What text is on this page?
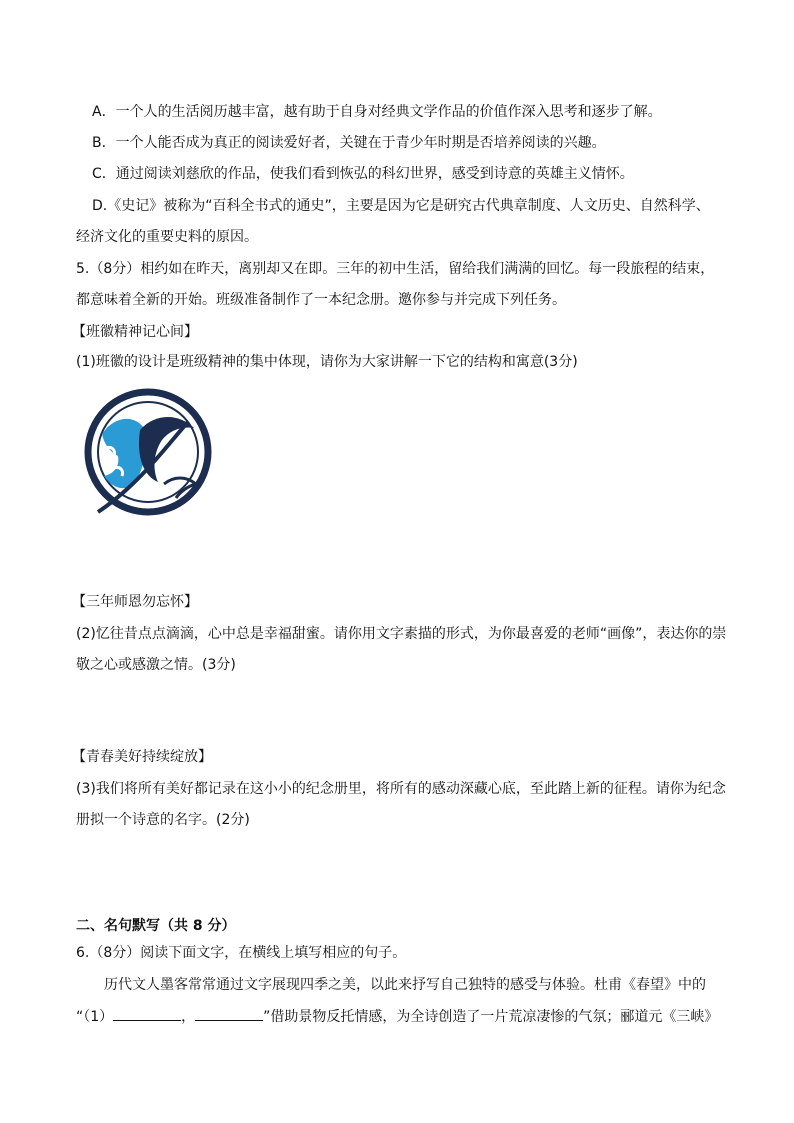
A．一个人的生活阅历越丰富，越有助于自身对经典文学作品的价值作深入思考和逐步了解。
B．一个人能否成为真正的阅读爱好者，关键在于青少年时期是否培养阅读的兴趣。
C．通过阅读刘慈欣的作品，使我们看到恢弘的科幻世界，感受到诗意的英雄主义情怀。
D.《史记》被称为“百科全书式的通史”，主要是因为它是研究古代典章制度、人文历史、自然科学、
经济文化的重要史料的原因。
5.（8分）相约如在昨天，离别却又在即。三年的初中生活，留给我们满满的回忆。每一段旅程的结束，
都意味着全新的开始。班级准备制作了一本纪念册。邀你参与并完成下列任务。
【班徽精神记心间】
(1)班徽的设计是班级精神的集中体现，请你为大家讲解一下它的结构和寓意(3分)
【三年师恩勿忘怀】
(2)忆往昔点点滴滴，心中总是幸福甜蜜。请你用文字素描的形式，为你最喜爱的老师“画像”，表达你的崇
敬之心或感激之情。(3分)
【青春美好持续绽放】
(3)我们将所有美好都记录在这小小的纪念册里，将所有的感动深藏心底，至此踏上新的征程。请你为纪念
册拟一个诗意的名字。(2分)
二、名句默写（共 8 分）
6.（8分）阅读下面文字，在横线上填写相应的句子。
历代文人墨客常常通过文字展现四季之美，以此来抒写自己独特的感受与体验。杜甫《春望》中的
“（1）	，	”借助景物反托情感，为全诗创造了一片荒凉凄惨的气氛；郦道元《三峡》
